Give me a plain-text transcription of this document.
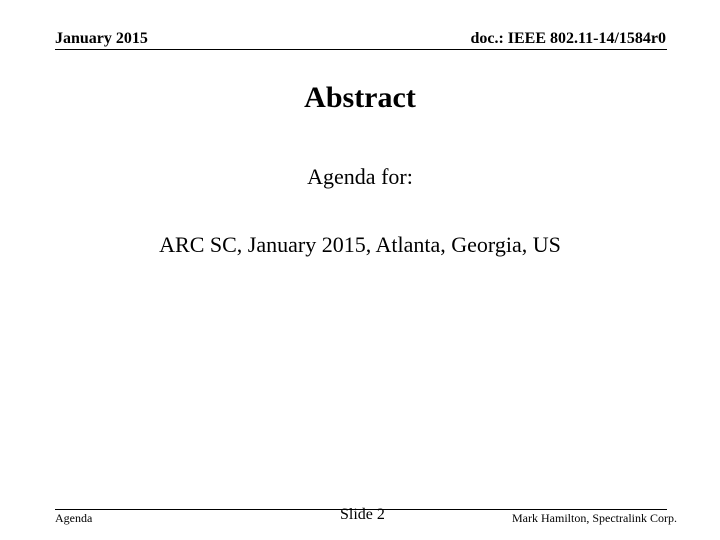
January 2015	doc.: IEEE 802.11-14/1584r0
Abstract
Agenda for:
ARC SC, January 2015, Atlanta, Georgia, US
Agenda	Slide 2	Mark Hamilton, Spectralink Corp.
